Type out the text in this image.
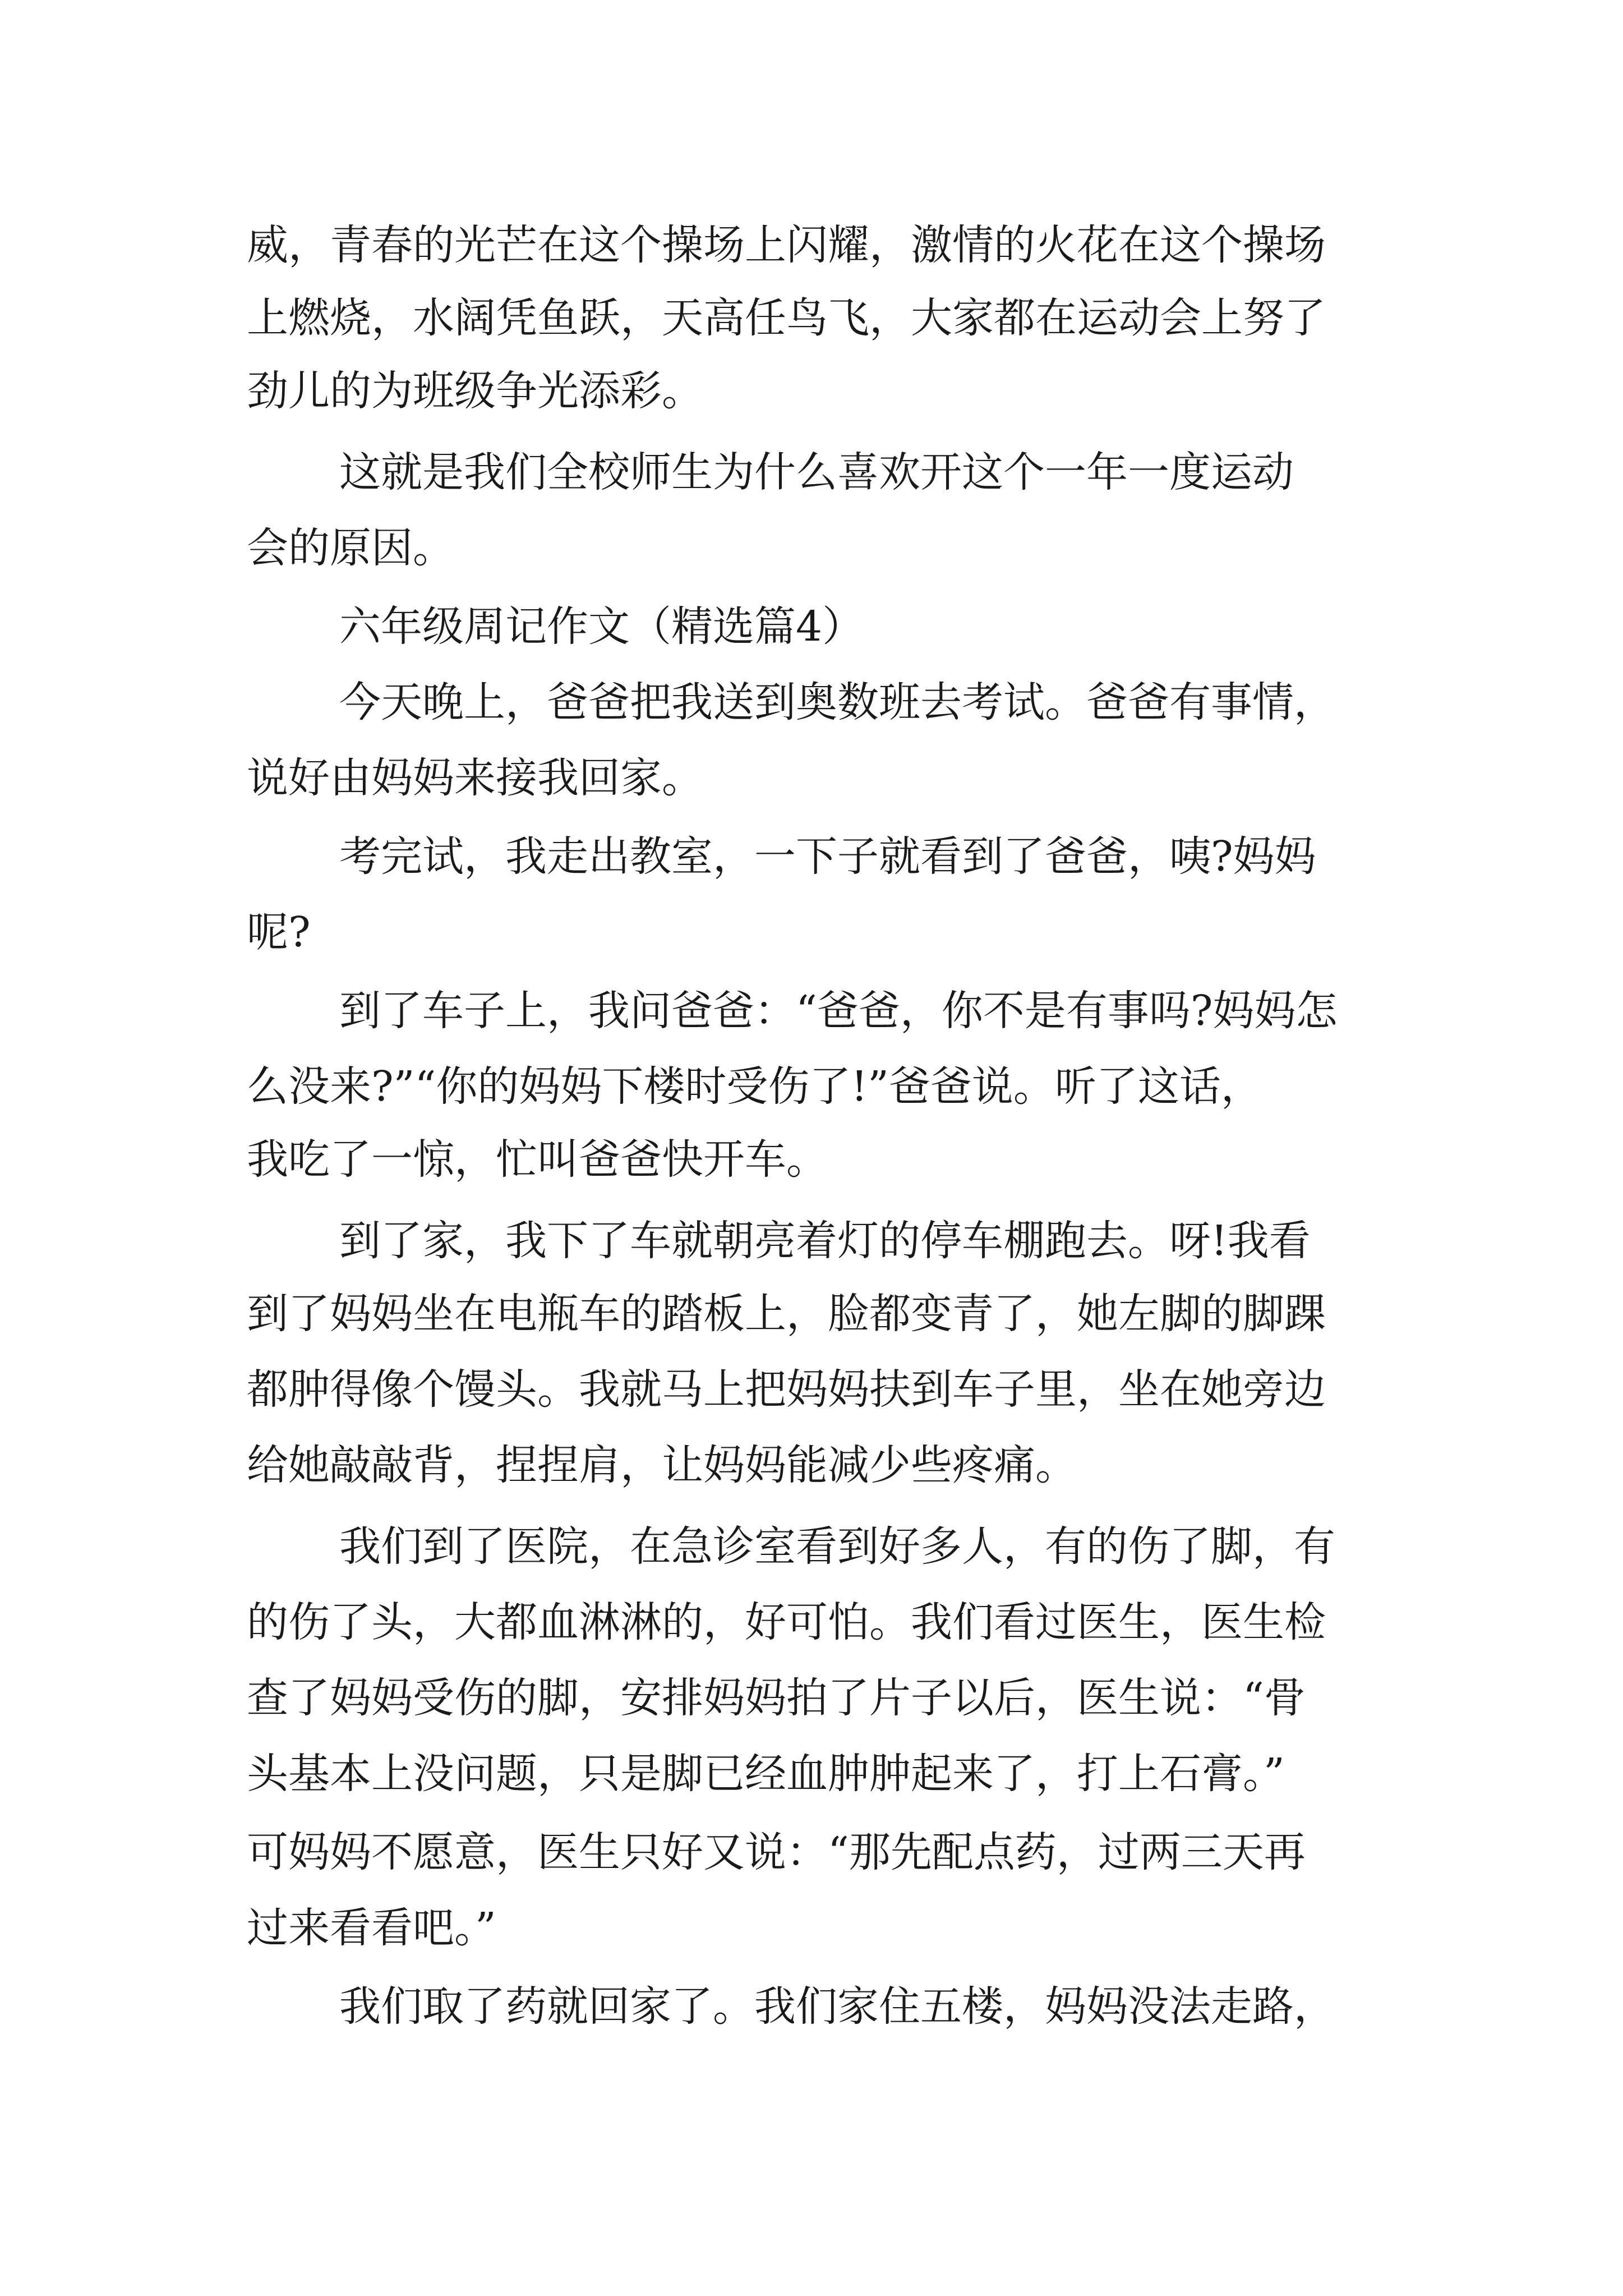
威，青春的光芒在这个操场上闪耀，激情的火花在这个操场
上燃烧，水阔凭鱼跃，天高任鸟飞，大家都在运动会上努了
劲儿的为班级争光添彩。
这就是我们全校师生为什么喜欢开这个一年一度运动
会的原因。
六年级周记作文（精选篇4）
今天晚上，爸爸把我送到奥数班去考试。爸爸有事情，
说好由妈妈来接我回家。
考完试，我走出教室，一下子就看到了爸爸，咦?妈妈
呢?
到了车子上，我问爸爸：“爸爸，你不是有事吗?妈妈怎
么没来?”“你的妈妈下楼时受伤了!”爸爸说。听了这话，
我吃了一惊，忙叫爸爸快开车。
到了家，我下了车就朝亮着灯的停车棚跑去。呀!我看
到了妈妈坐在电瓶车的踏板上，脸都变青了，她左脚的脚踝
都肿得像个馒头。我就马上把妈妈扶到车子里，坐在她旁边
给她敲敲背，捏捏肩，让妈妈能减少些疼痛。
我们到了医院，在急诊室看到好多人，有的伤了脚，有
的伤了头，大都血淋淋的，好可怕。我们看过医生，医生检
查了妈妈受伤的脚，安排妈妈拍了片子以后，医生说：“骨
头基本上没问题，只是脚已经血肿肿起来了，打上石膏。”
可妈妈不愿意，医生只好又说：“那先配点药，过两三天再
过来看看吧。”
我们取了药就回家了。我们家住五楼，妈妈没法走路，
